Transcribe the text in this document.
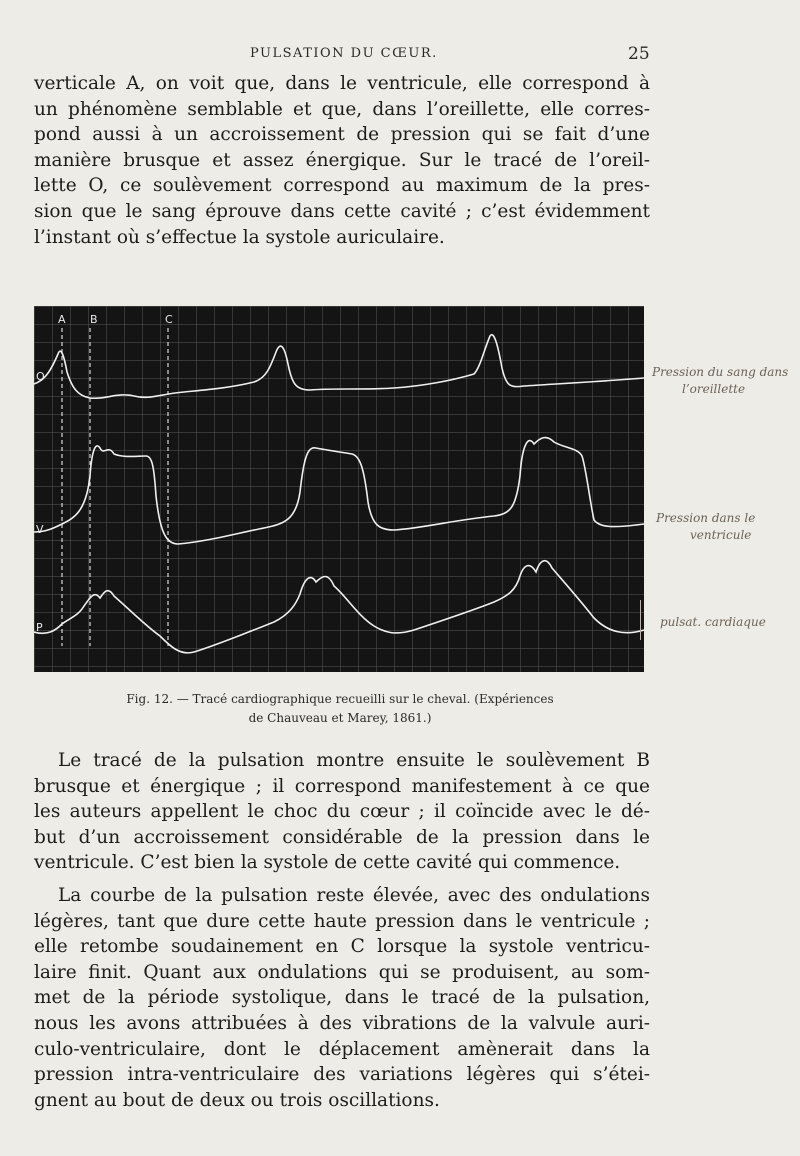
PULSATION DU CŒUR.	25
verticale A, on voit que, dans le ventricule, elle correspond à
un phénomène semblable et que, dans l’oreillette, elle corres-
pond aussi à un accroissement de pression qui se fait d’une
manière brusque et assez énergique. Sur le tracé de l’oreil-
lette O, ce soulèvement correspond au maximum de la pres-
sion que le sang éprouve dans cette cavité ; c’est évidemment
l’instant où s’effectue la systole auriculaire.
A B	C
O
V
P
Fig. 12. — Tracé cardiographique recueilli sur le cheval. (Expériences
de Chauveau et Marey, 1861.)
Pression du sang dans
l’oreillette
Pression dans le
ventricule
pulsat. cardiaque
Le tracé de la pulsation montre ensuite le soulèvement B
brusque et énergique ; il correspond manifestement à ce que
les auteurs appellent le choc du cœur ; il coïncide avec le dé-
but d’un accroissement considérable de la pression dans le
ventricule. C’est bien la systole de cette cavité qui commence.
La courbe de la pulsation reste élevée, avec des ondulations
légères, tant que dure cette haute pression dans le ventricule ;
elle retombe soudainement en C lorsque la systole ventricu-
laire finit. Quant aux ondulations qui se produisent, au som-
met de la période systolique, dans le tracé de la pulsation,
nous les avons attribuées à des vibrations de la valvule auri-
culo-ventriculaire, dont le déplacement amènerait dans la
pression intra-ventriculaire des variations légères qui s’étei-
gnent au bout de deux ou trois oscillations.
